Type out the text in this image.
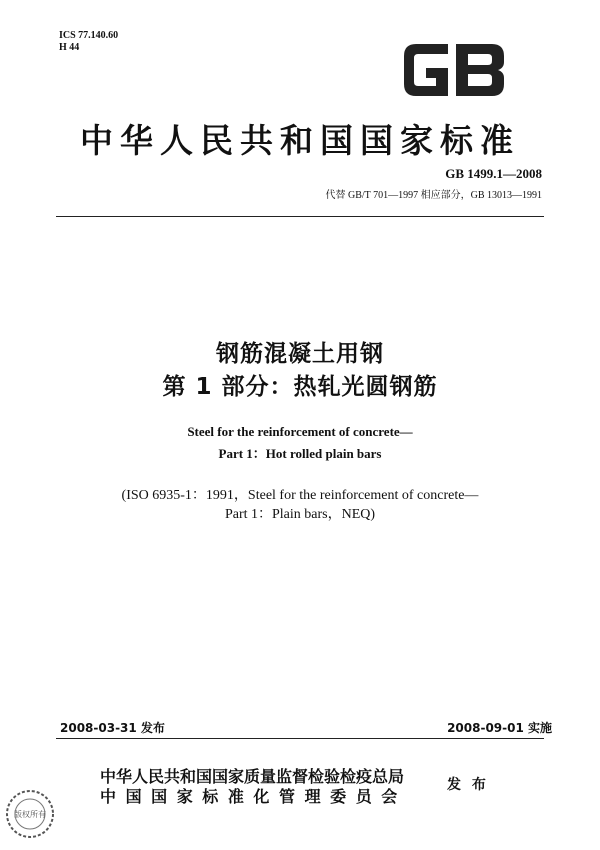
ICS 77.140.60
H 44
中华人民共和国国家标准
GB 1499.1—2008
代替 GB/T 701—1997 相应部分，GB 13013—1991
钢筋混凝土用钢
第 1 部分：热轧光圆钢筋
Steel for the reinforcement of concrete—
Part 1：Hot rolled plain bars
(ISO 6935-1：1991，Steel for the reinforcement of concrete—
Part 1：Plain bars，NEQ)
2008-03-31 发布	2008-09-01 实施
中华人民共和国国家质量监督检验检疫总局
中 国 国 家 标 准 化 管 理 委 员 会
发 布
版权所有
